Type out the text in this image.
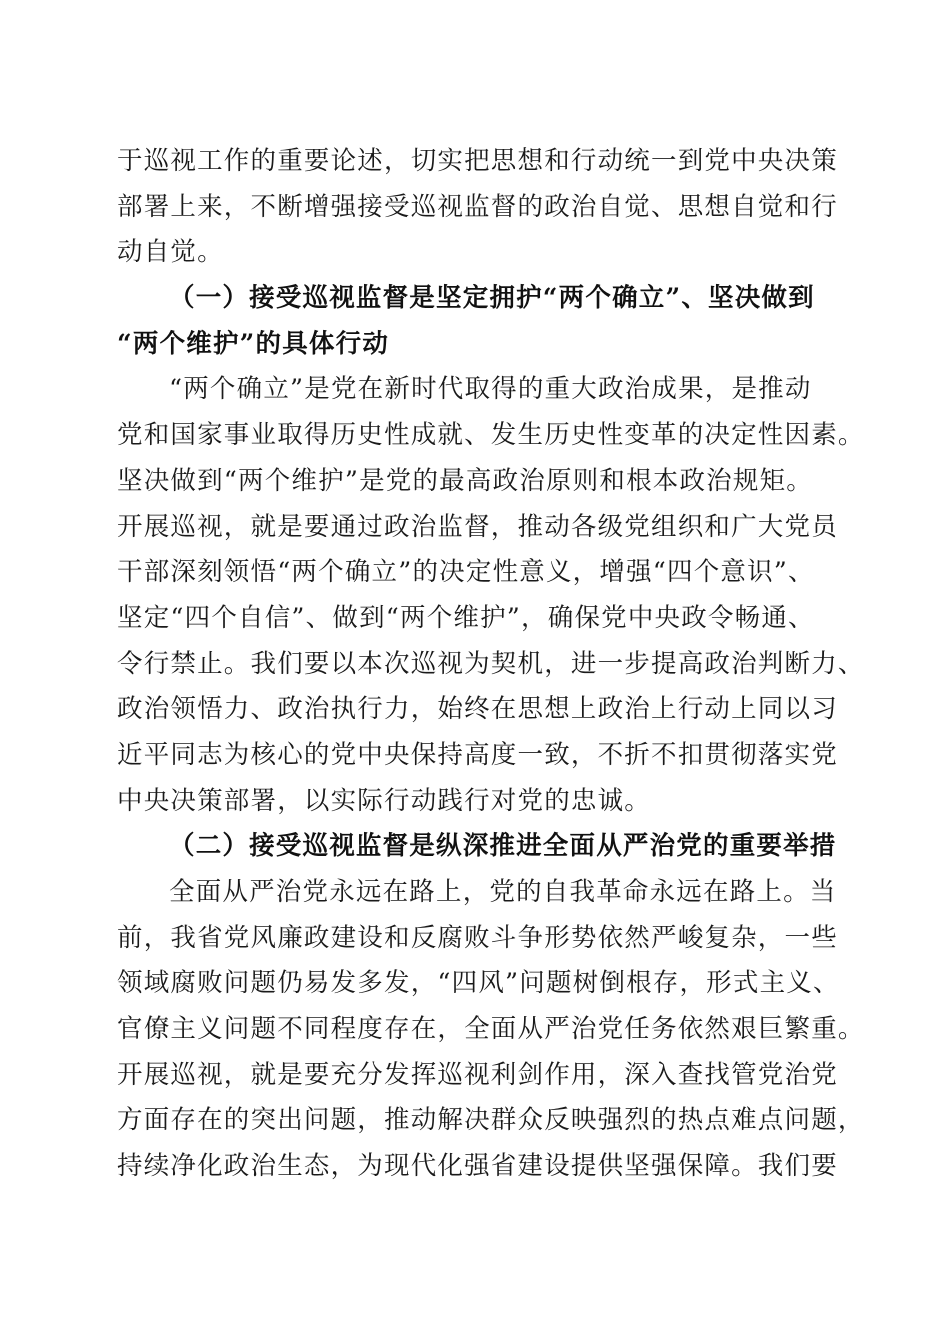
于巡视工作的重要论述，切实把思想和行动统一到党中央决策
部署上来，不断增强接受巡视监督的政治自觉、思想自觉和行
动自觉。
（一）接受巡视监督是坚定拥护“两个确立”、坚决做到
“两个维护”的具体行动
“两个确立”是党在新时代取得的重大政治成果，是推动
党和国家事业取得历史性成就、发生历史性变革的决定性因素。
坚决做到“两个维护”是党的最高政治原则和根本政治规矩。
开展巡视，就是要通过政治监督，推动各级党组织和广大党员
干部深刻领悟“两个确立”的决定性意义，增强“四个意识”、
坚定“四个自信”、做到“两个维护”，确保党中央政令畅通、
令行禁止。我们要以本次巡视为契机，进一步提高政治判断力、
政治领悟力、政治执行力，始终在思想上政治上行动上同以习
近平同志为核心的党中央保持高度一致，不折不扣贯彻落实党
中央决策部署，以实际行动践行对党的忠诚。
（二）接受巡视监督是纵深推进全面从严治党的重要举措
全面从严治党永远在路上，党的自我革命永远在路上。当
前，我省党风廉政建设和反腐败斗争形势依然严峻复杂，一些
领域腐败问题仍易发多发，“四风”问题树倒根存，形式主义、
官僚主义问题不同程度存在，全面从严治党任务依然艰巨繁重。
开展巡视，就是要充分发挥巡视利剑作用，深入查找管党治党
方面存在的突出问题，推动解决群众反映强烈的热点难点问题，
持续净化政治生态，为现代化强省建设提供坚强保障。我们要
